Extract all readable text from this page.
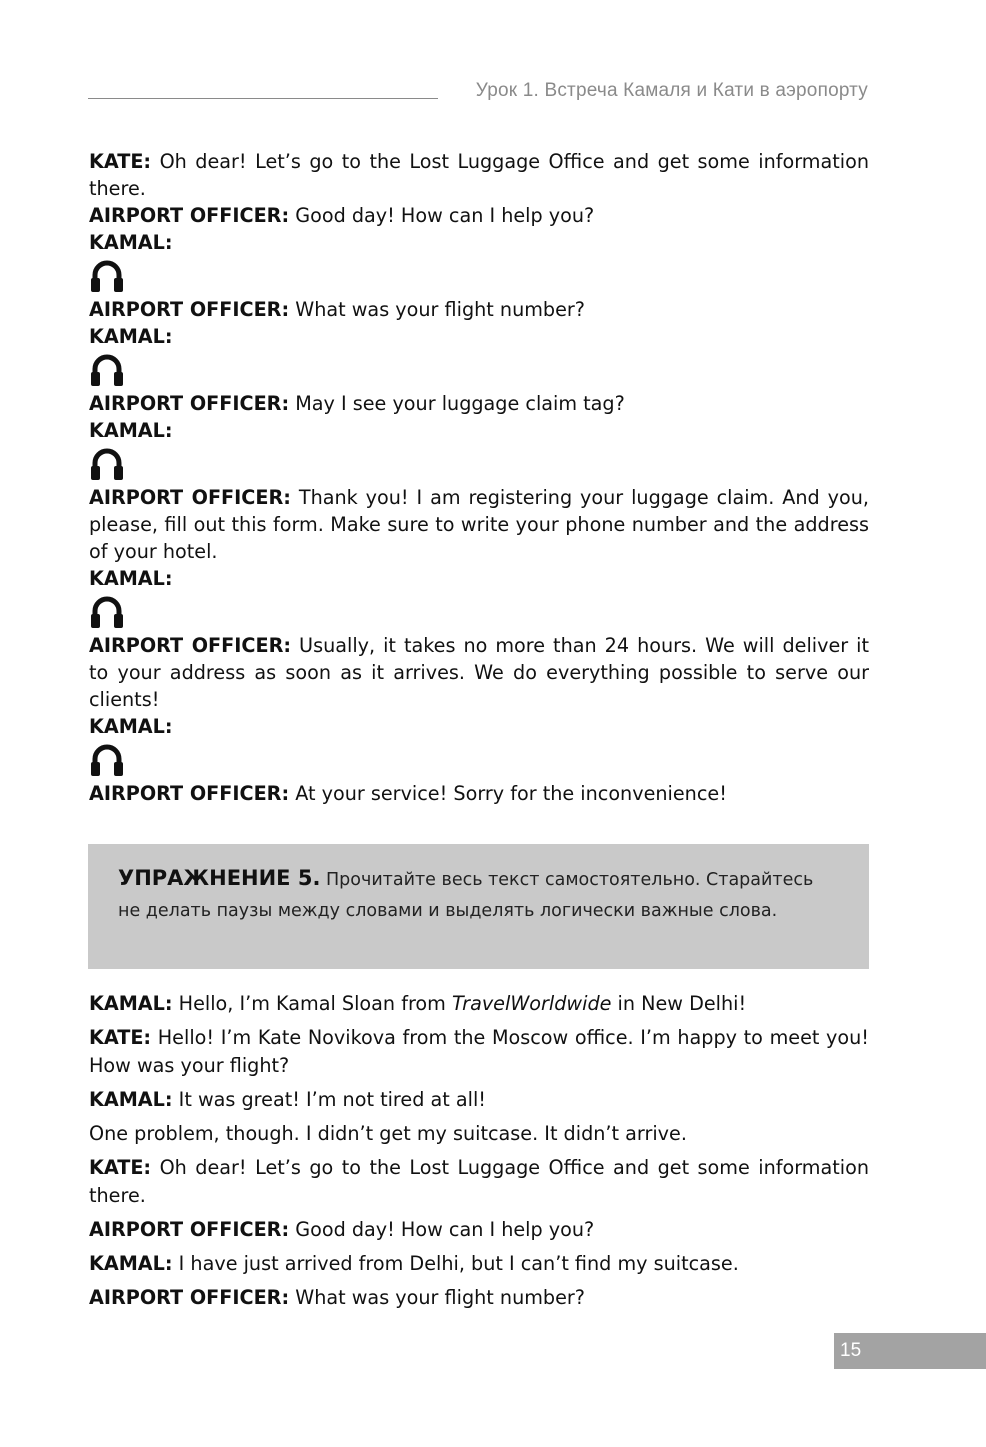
Урок 1. Встреча Камаля и Кати в аэропорту

KATE: Oh dear! Let’s go to the Lost Luggage Office and get some information there.

AIRPORT OFFICER: Good day! How can I help you?

KAMAL:

AIRPORT OFFICER: What was your flight number?

KAMAL:

AIRPORT OFFICER: May I see your luggage claim tag?

KAMAL:

AIRPORT OFFICER: Thank you! I am registering your luggage claim. And you, please, fill out this form. Make sure to write your phone number and the address of your hotel.

KAMAL:

AIRPORT OFFICER: Usually, it takes no more than 24 hours. We will deliver it to your address as soon as it arrives. We do everything possible to serve our clients!

KAMAL:

AIRPORT OFFICER: At your service! Sorry for the inconvenience!

УПРАЖНЕНИЕ 5. Прочитайте весь текст самостоятельно. Старайтесь не делать паузы между словами и выделять логически важные слова.

KAMAL: Hello, I’m Kamal Sloan from TravelWorldwide in New Delhi!

KATE: Hello! I’m Kate Novikova from the Moscow office. I’m happy to meet you! How was your flight?

KAMAL: It was great! I’m not tired at all!

One problem, though. I didn’t get my suitcase. It didn’t arrive.

KATE: Oh dear! Let’s go to the Lost Luggage Office and get some information there.

AIRPORT OFFICER: Good day! How can I help you?

KAMAL: I have just arrived from Delhi, but I can’t find my suitcase.

AIRPORT OFFICER: What was your flight number?

15
